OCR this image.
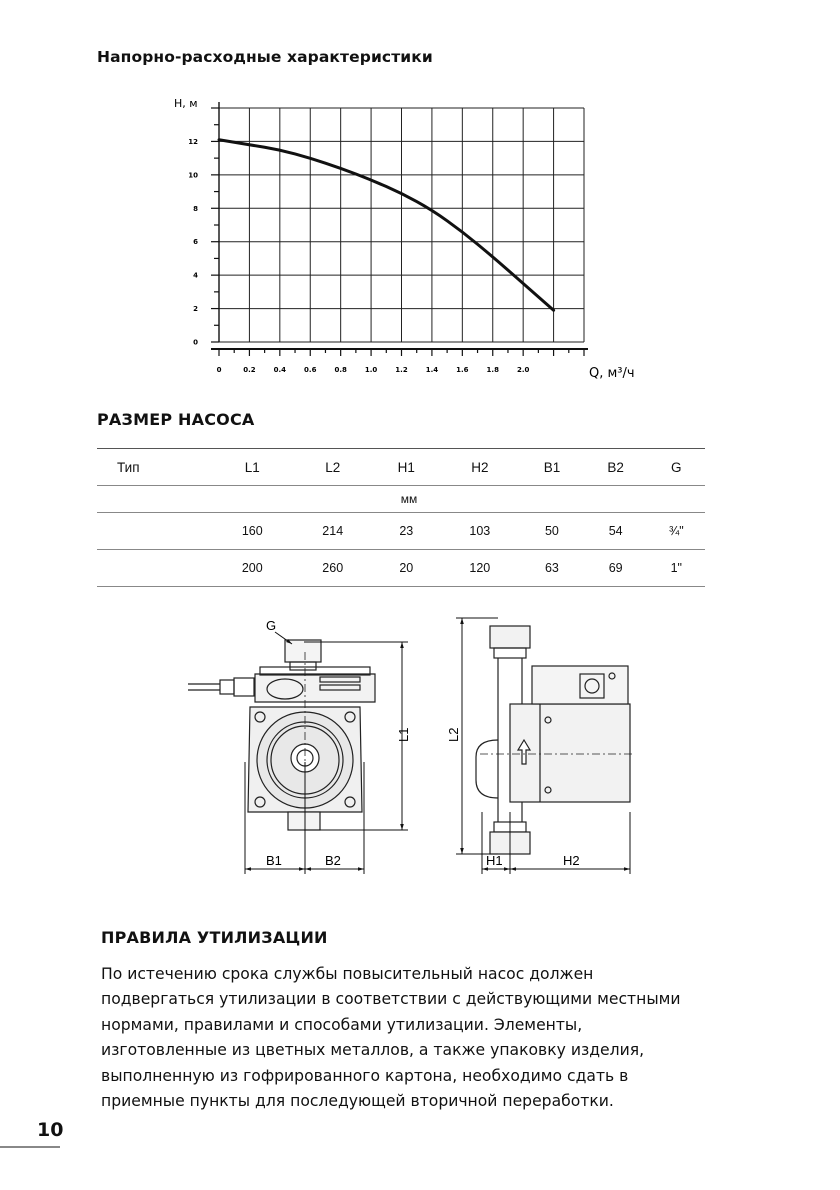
Напорно-расходные характеристики
0	0.2	0.4	0.6	0.8	1.0	1.2	1.4	1.6	1.8	2.0
0
2
4
6
8
10
12
H, м
Q, м³/ч
РАЗМЕР НАСОСА
Тип	L1	L2	H1	H2	B1	B2	G
мм							
	160	214	23	103	50	54	¾"
	200	260	20	120	63	69	1"
G
L1
B1	B2
L2
H1	H2
ПРАВИЛА УТИЛИЗАЦИИ
По истечению срока службы повысительный насос должен
подвергаться утилизации в соответствии с действующими местными
нормами, правилами и способами утилизации. Элементы,
изготовленные из цветных металлов, а также упаковку изделия,
выполненную из гофрированного картона, необходимо сдать в
приемные пункты для последующей вторичной переработки.
10
